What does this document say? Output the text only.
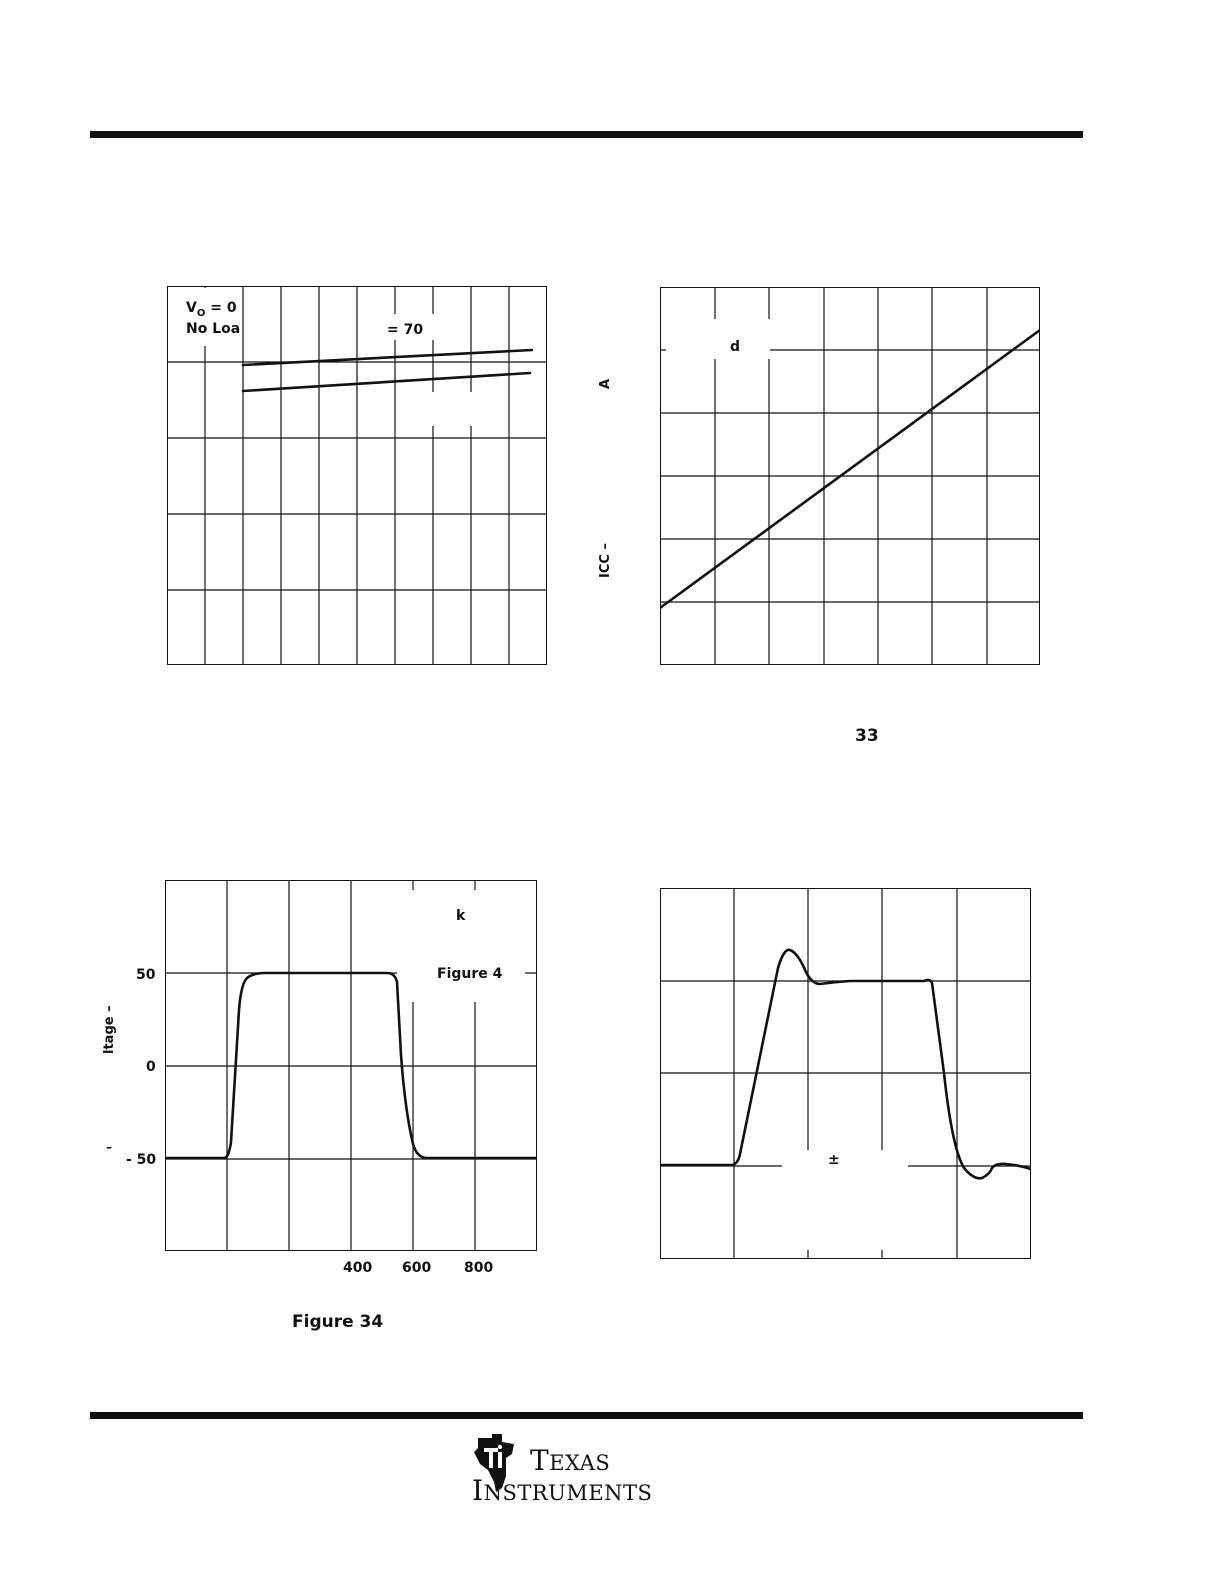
$V_O = 0$
No Loa	= 70
d
A
ICC –
33
50
0
- 50
400 600 800
k
Figure 4
ltage –
–
Figure 34
±
TEXAS
INSTRUMENTS
